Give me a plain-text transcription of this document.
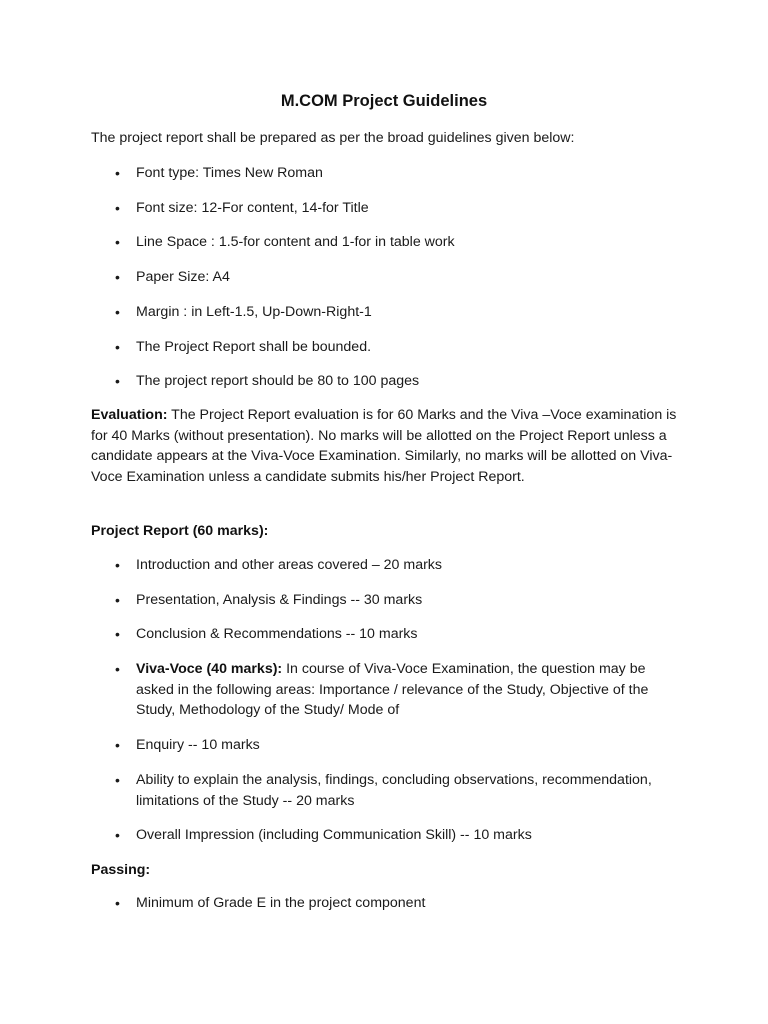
M.COM Project Guidelines
The project report shall be prepared as per the broad guidelines given below:
• Font type: Times New Roman
• Font size: 12-For content, 14-for Title
• Line Space : 1.5-for content and 1-for in table work
• Paper Size: A4
• Margin : in Left-1.5, Up-Down-Right-1
• The Project Report shall be bounded.
• The project report should be 80 to 100 pages
Evaluation: The Project Report evaluation is for 60 Marks and the Viva –Voce examination is for 40 Marks (without presentation). No marks will be allotted on the Project Report unless a candidate appears at the Viva-Voce Examination. Similarly, no marks will be allotted on Viva-Voce Examination unless a candidate submits his/her Project Report.
Project Report (60 marks):
• Introduction and other areas covered – 20 marks
• Presentation, Analysis & Findings -- 30 marks
• Conclusion & Recommendations -- 10 marks
• Viva-Voce (40 marks): In course of Viva-Voce Examination, the question may be asked in the following areas: Importance / relevance of the Study, Objective of the Study, Methodology of the Study/ Mode of
• Enquiry -- 10 marks
• Ability to explain the analysis, findings, concluding observations, recommendation, limitations of the Study -- 20 marks
• Overall Impression (including Communication Skill) -- 10 marks
Passing:
• Minimum of Grade E in the project component
